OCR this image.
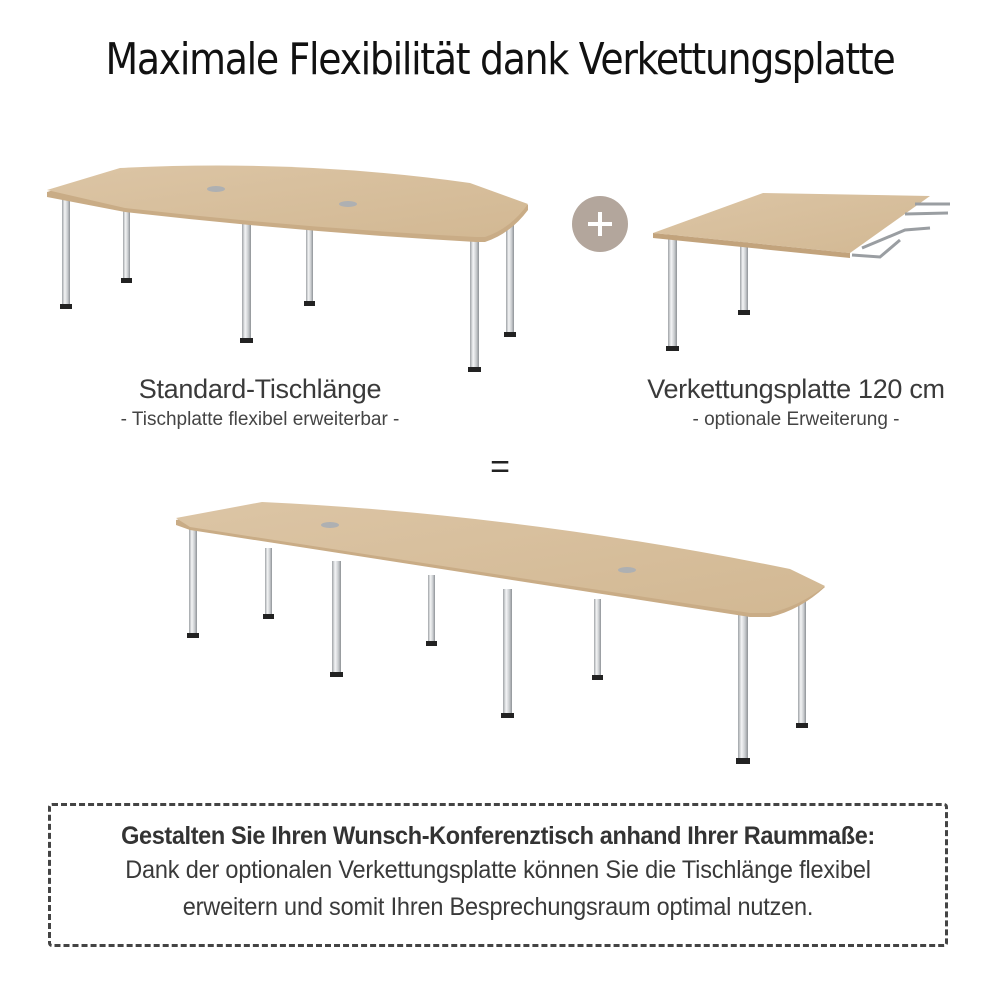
Maximale Flexibilität dank Verkettungsplatte
Standard-Tischlänge
- Tischplatte flexibel erweiterbar -
Verkettungsplatte 120 cm
- optionale Erweiterung -
=
Gestalten Sie Ihren Wunsch-Konferenztisch anhand Ihrer Raummaße:
Dank der optionalen Verkettungsplatte können Sie die Tischlänge flexibel
erweitern und somit Ihren Besprechungsraum optimal nutzen.
